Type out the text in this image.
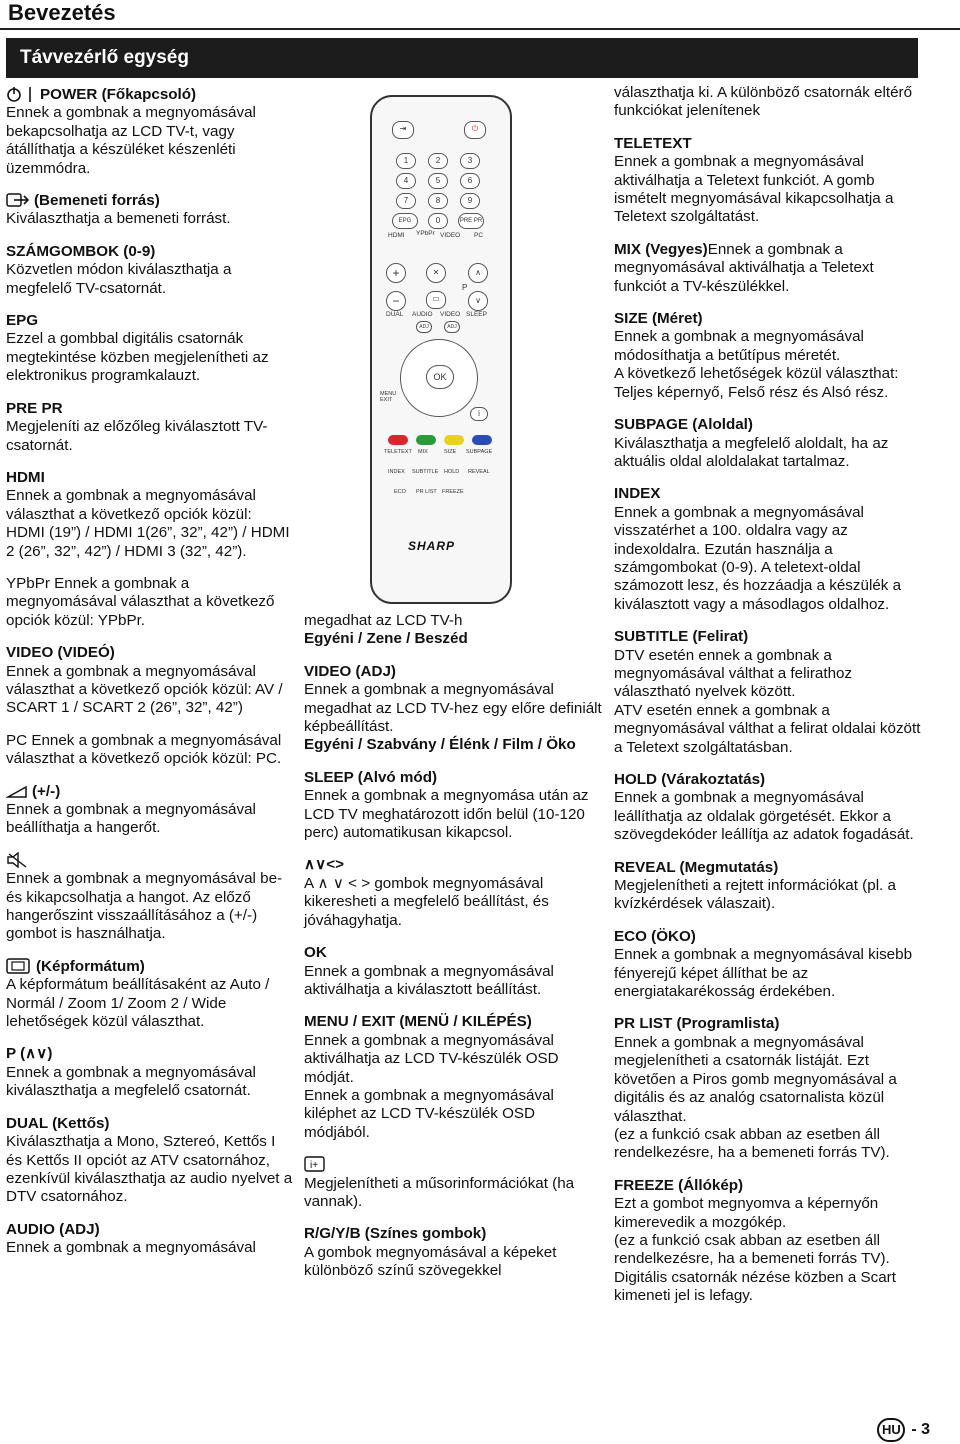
Bevezetés
Távvezérlő egység

POWER (Főkapcsoló)
Ennek a gombnak a megnyomásával bekapcsolhatja az LCD TV-t, vagy átállíthatja a készüléket készenléti üzemmódra.

(Bemeneti forrás)
Kiválaszthatja a bemeneti forrást.

SZÁMGOMBOK (0-9)
Közvetlen módon kiválaszthatja a megfelelő TV-csatornát.

EPG
Ezzel a gombbal digitális csatornák megtekintése közben megjelenítheti az elektronikus programkalauzt.

PRE PR
Megjeleníti az előzőleg kiválasztott TV-csatornát.

HDMI
Ennek a gombnak a megnyomásával választhat a következő opciók közül:
HDMI (19”) / HDMI 1(26”, 32”, 42”) / HDMI 2 (26”, 32”, 42”) / HDMI 3 (32”, 42”).

YPbPr Ennek a gombnak a megnyomásával választhat a következő opciók közül: YPbPr.

VIDEO (VIDEÓ)
Ennek a gombnak a megnyomásával választhat a következő opciók közül: AV / SCART 1 / SCART 2 (26”, 32”, 42”)

PC Ennek a gombnak a megnyomásával választhat a következő opciók közül: PC.

(+/-)
Ennek a gombnak a megnyomásával beállíthatja a hangerőt.

Ennek a gombnak a megnyomásával be- és kikapcsolhatja a hangot. Az előző hangerőszint visszaállításához a (+/-) gombot is használhatja.

(Képformátum)
A képformátum beállításaként az Auto / Normál / Zoom 1/ Zoom 2 / Wide lehetőségek közül választhat.

P (∧∨)
Ennek a gombnak a megnyomásával kiválaszthatja a megfelelő csatornát.

DUAL (Kettős)
Kiválaszthatja a Mono, Sztereó, Kettős I és Kettős II opciót az ATV csatornához, ezenkívül kiválaszthatja az audio nyelvet a DTV csatornához.

AUDIO (ADJ)
Ennek a gombnak a megnyomásával

⇥	⏻
1	2	3
4	5	6
7	8	9
EPG	0	PRE PR
HDMI YPbPr VIDEO PC
+	✕	∧
P
−	▭	∨
DUAL AUDIO VIDEO SLEEP
ADJ	ADJ
OK
MENU EXIT
i
TELETEXT MIX	SIZE SUBPAGE
INDEX SUBTITLE HOLD REVEAL
ECO PR LIST FREEZE
SHARP

megadhat az LCD TV-h
Egyéni / Zene / Beszéd

VIDEO (ADJ)
Ennek a gombnak a megnyomásával megadhat az LCD TV-hez egy előre definiált képbeállítást.
Egyéni / Szabvány / Élénk / Film / Öko

SLEEP (Alvó mód)
Ennek a gombnak a megnyomása után az LCD TV meghatározott időn belül (10-120 perc) automatikusan kikapcsol.

∧∨<>
A ∧ ∨ < > gombok megnyomásával kikeresheti a megfelelő beállítást, és jóváhagyhatja.

OK
Ennek a gombnak a megnyomásával aktiválhatja a kiválasztott beállítást.

MENU / EXIT (MENÜ / KILÉPÉS)
Ennek a gombnak a megnyomásával aktiválhatja az LCD TV-készülék OSD módját.
Ennek a gombnak a megnyomásával kiléphet az LCD TV-készülék OSD módjából.

i+

Megjelenítheti a műsorinformációkat (ha vannak).

R/G/Y/B (Színes gombok)
A gombok megnyomásával a képeket különböző színű szövegekkel

választhatja ki. A különböző csatornák eltérő funkciókat jelenítenek

TELETEXT
Ennek a gombnak a megnyomásával aktiválhatja a Teletext funkciót. A gomb ismételt megnyomásával kikapcsolhatja a Teletext szolgáltatást.

MIX (Vegyes)Ennek a gombnak a megnyomásával aktiválhatja a Teletext funkciót a TV-készülékkel.

SIZE (Méret)
Ennek a gombnak a megnyomásával módosíthatja a betűtípus méretét.
A következő lehetőségek közül választhat: Teljes képernyő, Felső rész és Alsó rész.

SUBPAGE (Aloldal)
Kiválaszthatja a megfelelő aloldalt, ha az aktuális oldal aloldalakat tartalmaz.

INDEX
Ennek a gombnak a megnyomásával visszatérhet a 100. oldalra vagy az indexoldalra. Ezután használja a számgombokat (0-9). A teletext-oldal számozott lesz, és hozzáadja a készülék a kiválasztott vagy a másodlagos oldalhoz.

SUBTITLE (Felirat)
DTV esetén ennek a gombnak a megnyomásával válthat a felirathoz választható nyelvek között.
ATV esetén ennek a gombnak a megnyomásával válthat a felirat oldalai között a Teletext szolgáltatásban.

HOLD (Várakoztatás)
Ennek a gombnak a megnyomásával leállíthatja az oldalak görgetését. Ekkor a szövegdekóder leállítja az adatok fogadását.

REVEAL (Megmutatás)
Megjelenítheti a rejtett információkat (pl. a kvízkérdések válaszait).

ECO (ÖKO)
Ennek a gombnak a megnyomásával kisebb fényerejű képet állíthat be az energiatakarékosság érdekében.

PR LIST (Programlista)
Ennek a gombnak a megnyomásával megjelenítheti a csatornák listáját. Ezt követően a Piros gomb megnyomásával a digitális és az analóg csatornalista közül választhat.
(ez a funkció csak abban az esetben áll rendelkezésre, ha a bemeneti forrás TV).

FREEZE (Állókép)
Ezt a gombot megnyomva a képernyőn kimerevedik a mozgókép.
(ez a funkció csak abban az esetben áll rendelkezésre, ha a bemeneti forrás TV). Digitális csatornák nézése közben a Scart kimeneti jel is lefagy.

HU - 3
